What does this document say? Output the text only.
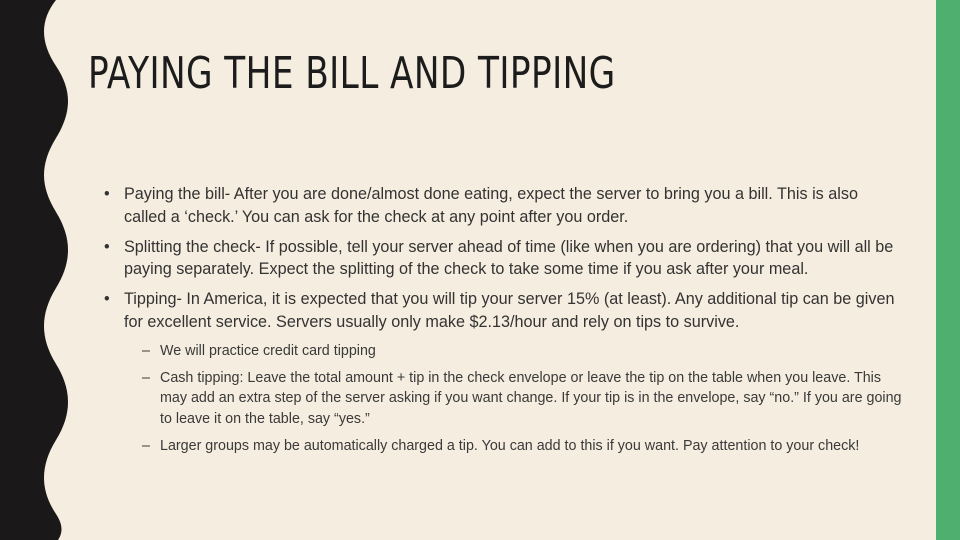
PAYING THE BILL AND TIPPING
• Paying the bill- After you are done/almost done eating, expect the server to bring you a bill. This is also called a ‘check.’ You can ask for the check at any point after you order.
• Splitting the check- If possible, tell your server ahead of time (like when you are ordering) that you will all be paying separately. Expect the splitting of the check to take some time if you ask after your meal.
• Tipping- In America, it is expected that you will tip your server 15% (at least). Any additional tip can be given for excellent service. Servers usually only make $2.13/hour and rely on tips to survive.
– We will practice credit card tipping
– Cash tipping: Leave the total amount + tip in the check envelope or leave the tip on the table when you leave. This may add an extra step of the server asking if you want change. If your tip is in the envelope, say “no.” If you are going to leave it on the table, say “yes.”
– Larger groups may be automatically charged a tip. You can add to this if you want. Pay attention to your check!
